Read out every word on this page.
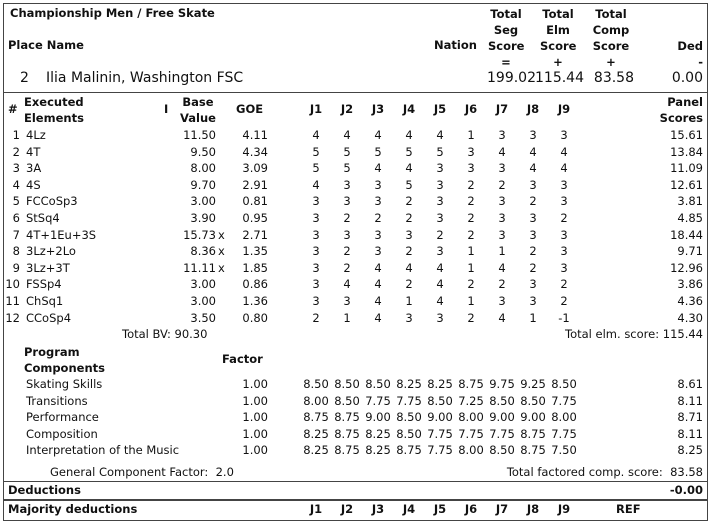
Championship Men / Free Skate	Total
Seg
Score
=
Total
Elm
Score
+
Total
Comp
Score
+
Ded
-
Place Name	Nation
2 Ilia Malinin, Washington FSC	199.02 115.44 83.58	0.00
# Executed
Elements
I	Base
Value
GOE	J1	J2	J3	J4	J5	J6	J7	J8	J9	Panel
Scores
1 4Lz	11.50	4.11	4	4	4	4	4	1	3	3	3	15.61
2 4T	9.50	4.34	5	5	5	5	5	3	4	4	4	13.84
3 3A	8.00	3.09	5	5	4	4	3	3	3	4	4	11.09
4 4S	9.70	2.91	4	3	3	5	3	2	2	3	3	12.61
5 FCCoSp3	3.00	0.81	3	3	3	2	3	2	3	2	3	3.81
6 StSq4	3.90	0.95	3	2	2	2	3	2	3	3	2	4.85
7 4T+1Eu+3S	15.73 x	2.71	3	3	3	3	2	2	3	3	3	18.44
8 3Lz+2Lo	8.36 x	1.35	3	2	3	2	3	1	1	2	3	9.71
9 3Lz+3T	11.11 x	1.85	3	2	4	4	4	1	4	2	3	12.96
10 FSSp4	3.00	0.86	3	4	4	2	4	2	2	3	2	3.86
11 ChSq1	3.00	1.36	3	3	4	1	4	1	3	3	2	4.36
12 CCoSp4	3.50	0.80	2	1	4	3	3	2	4	1	-1	4.30
Total BV: 90.30	Total elm. score: 115.44
Program
Components
Factor
Skating Skills	1.00	8.50 8.50 8.50 8.25 8.25 8.75 9.75 9.25 8.50	8.61
Transitions	1.00	8.00 8.50 7.75 7.75 8.50 7.25 8.50 8.50 7.75	8.11
Performance	1.00	8.75 8.75 9.00 8.50 9.00 8.00 9.00 9.00 8.00	8.71
Composition	1.00	8.25 8.75 8.25 8.50 7.75 7.75 7.75 8.75 7.75	8.11
Interpretation of the Music	1.00	8.25 8.75 8.25 8.75 7.75 8.00 8.50 8.75 7.50	8.25
General Component Factor: 2.0	Total factored comp. score: 83.58
Deductions	-0.00
Majority deductions	J1	J2	J3	J4	J5	J6	J7	J8	J9	REF
